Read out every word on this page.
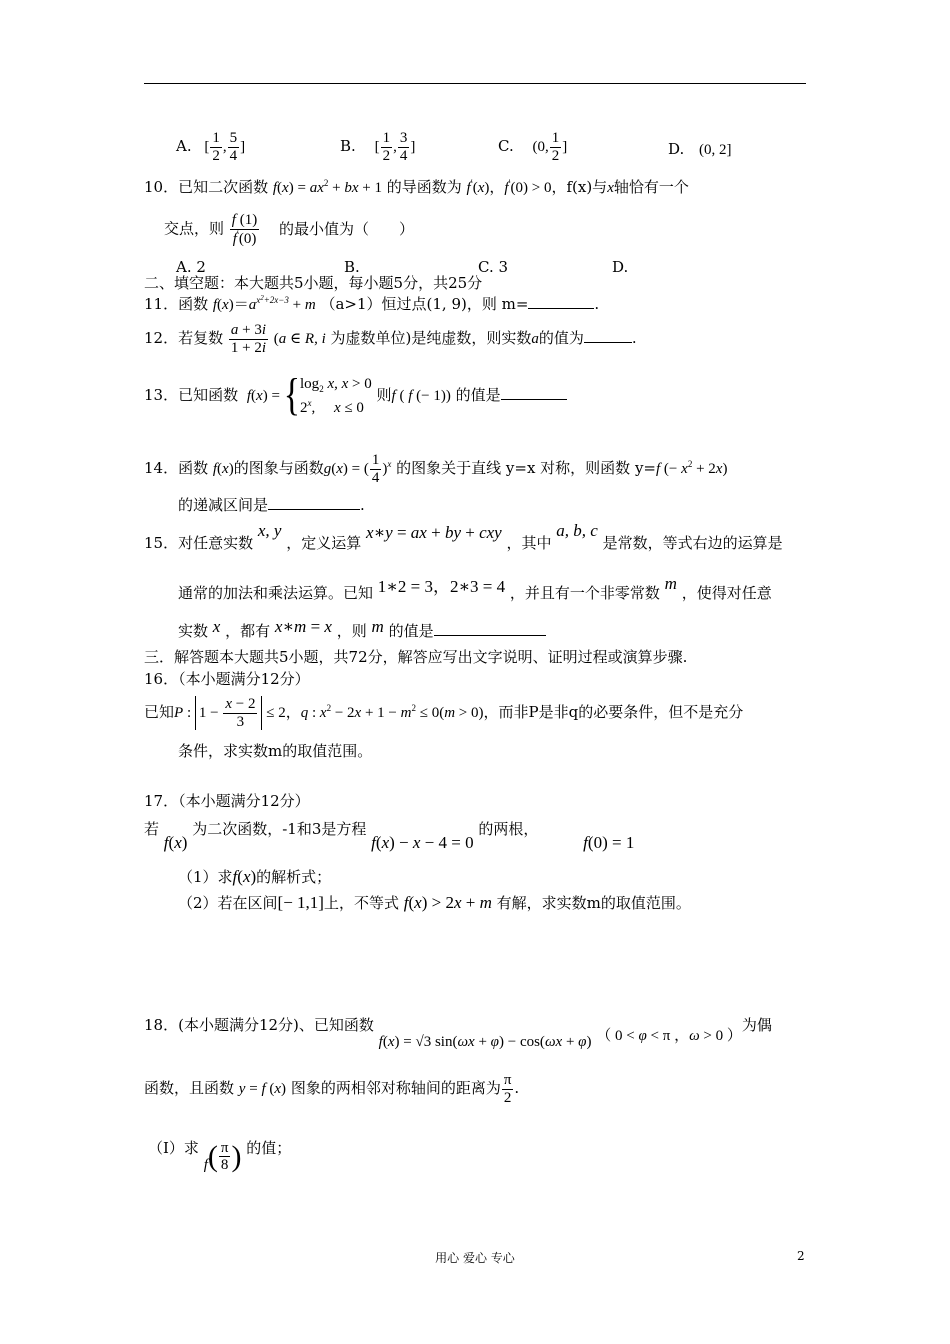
A. [ $\frac{1}{2}$ , $\frac{5}{4}$ ]	B. [ $\frac{1}{2}$ , $\frac{3}{4}$ ]	C. (0, $\frac{1}{2}$ ]	D. (0, 2]
10．已知二次函数 $f(x) = ax^2$ + bx + 1 的导函数为 f′(x)，f′(0) > 0，f(x)与x轴恰有一个
交点，则 $\frac{f (1)}{f'(0)}$ 的最小值为（　　）
A. 2	B.	C. 3	D.
二、填空题：本大题共5小题，每小题5分，共25分
11．函数 $f(x)=a^{x^2+2x-3} + m$ （a>1）恒过点(1, 9)，则 m=	.
12．若复数 $\frac{a + 3i}{1 + 2i} (a$ ∈ R, i 为虚数单位)是纯虚数，则实数a的值为	.
13．已知函数 $f(x) = \{\log_2$ x, x > 0
2$^x$,     x ≤ 0 则f ( f (− 1)) 的值是
14．函数 f(x)的图象与函数g(x) = ( $\frac{1}{4} )^x$ 的图象关于直线 y=x 对称，则函数 y=f (− $x^2 + 2x$)
的递减区间是	.
15．对任意实数 x, y ，定义运算 x∗y = ax + by + cxy ，其中 a, b, c 是常数，等式右边的运算是
通常的加法和乘法运算。已知 1∗2 = 3，2∗3 = 4 ，并且有一个非零常数 m ，使得对任意
实数 x ，都有 x∗m = x ，则 m 的值是
三．解答题本大题共5小题，共72分，解答应写出文字说明、证明过程或演算步骤.
16．（本小题满分12分）
已知P : $1 - \frac{x - 2}{3} \le 2$，q : $x^2 - 2x + 1 - m^2 \le 0(m > 0)$，而非P是非q的必要条件，但不是充分
条件，求实数m的取值范围。
17．（本小题满分12分）
若 f(x) 为二次函数，-1和3是方程 f(x) − x − 4 = 0 的两根， f(0) = 1
（1）求f(x)的解析式；
（2）若在区间[− 1,1]上，不等式 f(x) > 2x + m 有解，求实数m的取值范围。
18．(本小题满分12分)、已知函数 f(x) = √3 sin(ωx + φ) − cos(ωx + φ) （ 0 < φ < π ，ω > 0 ）为偶
函数，且函数 y = f (x) 图象的两相邻对称轴间的距离为 $\frac{\pi}{2}$ .
（Ⅰ）求 $f( \frac{\pi}{8}$ ) 的值；
用心 爱心 专心	2
